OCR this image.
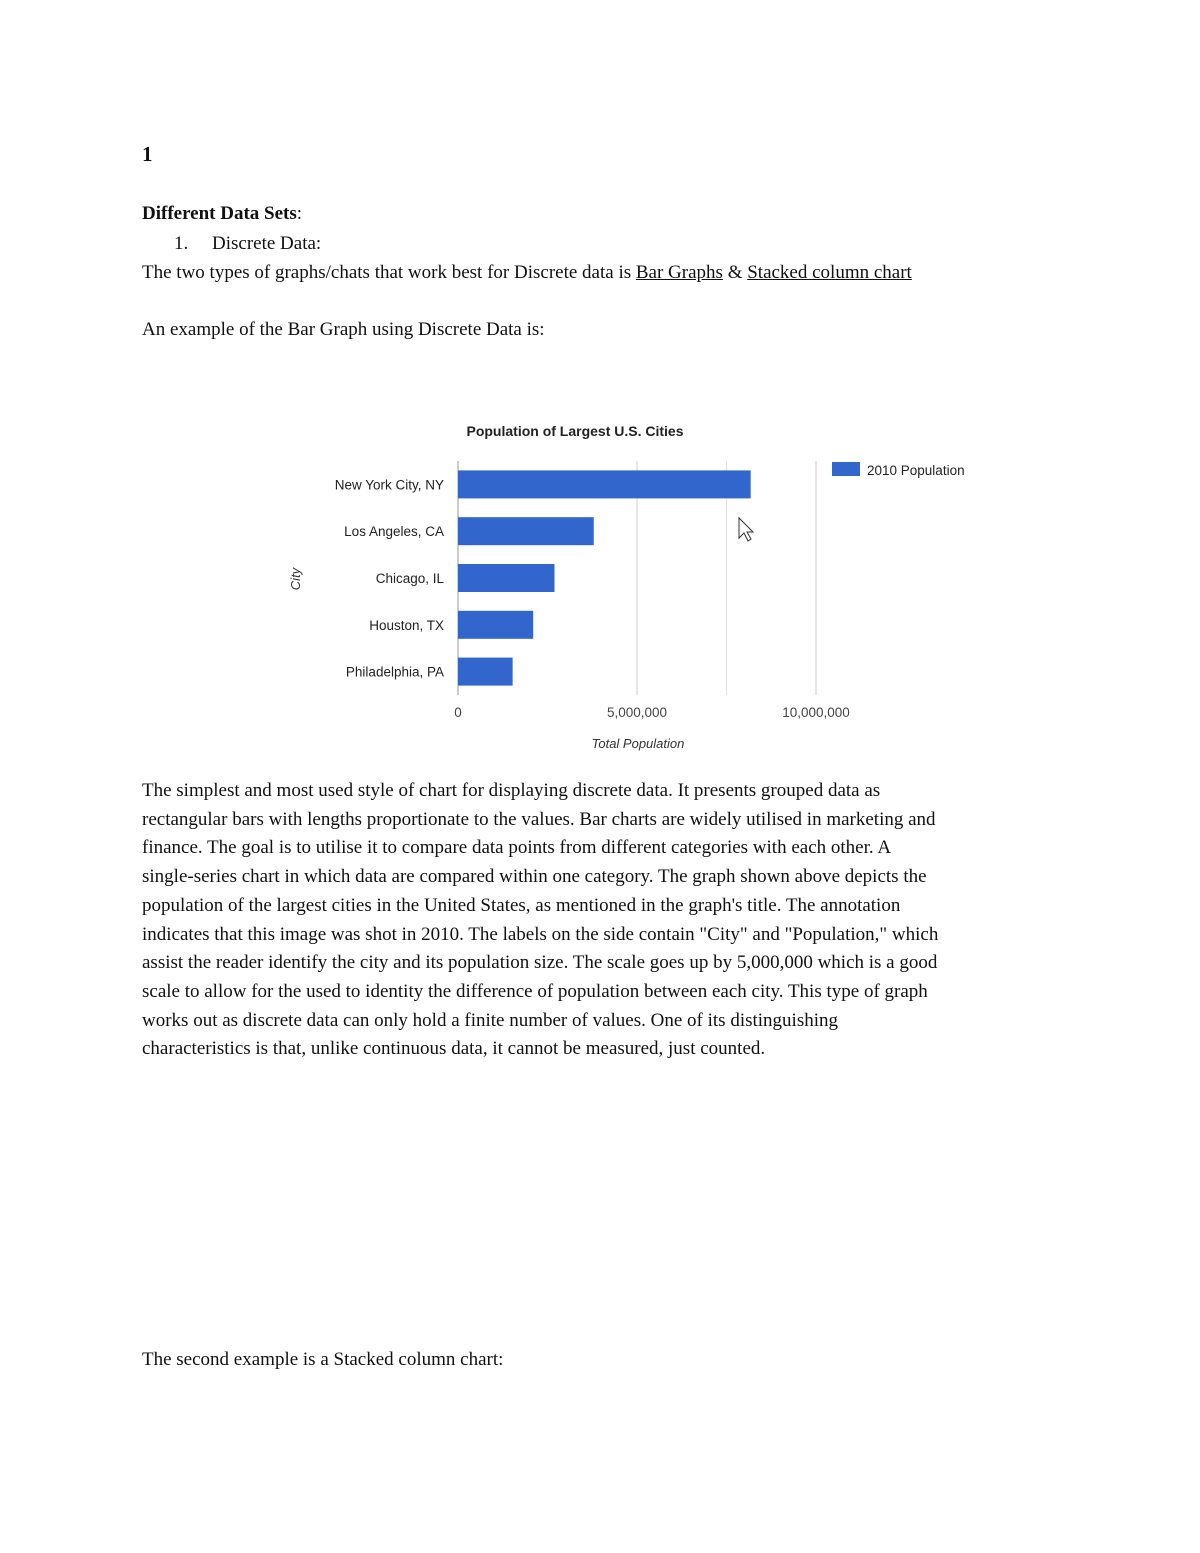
1
Different Data Sets:
1. Discrete Data:
The two types of graphs/chats that work best for Discrete data is Bar Graphs & Stacked column chart
An example of the Bar Graph using Discrete Data is:
Population of Largest U.S. Cities
New York City, NY
Los Angeles, CA
Chicago, IL
Houston, TX
Philadelphia, PA
0	5,000,000	10,000,000
Total Population
City
2010 Population
The simplest and most used style of chart for displaying discrete data. It presents grouped data as
rectangular bars with lengths proportionate to the values. Bar charts are widely utilised in marketing and
finance. The goal is to utilise it to compare data points from different categories with each other. A
single-series chart in which data are compared within one category. The graph shown above depicts the
population of the largest cities in the United States, as mentioned in the graph's title. The annotation
indicates that this image was shot in 2010. The labels on the side contain "City" and "Population," which
assist the reader identify the city and its population size. The scale goes up by 5,000,000 which is a good
scale to allow for the used to identity the difference of population between each city. This type of graph
works out as discrete data can only hold a finite number of values. One of its distinguishing
characteristics is that, unlike continuous data, it cannot be measured, just counted.
The second example is a Stacked column chart:
